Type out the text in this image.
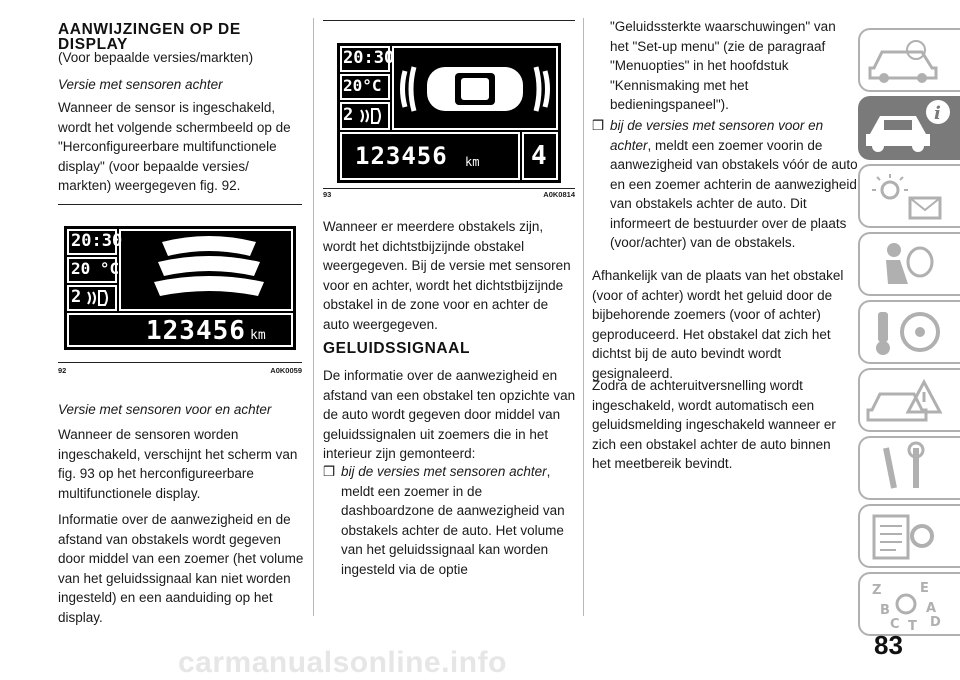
AANWIJZINGEN OP DE DISPLAY

(Voor bepaalde versies/markten)

Versie met sensoren achter

Wanneer de sensor is ingeschakeld, wordt het volgende schermbeeld op de "Herconfigureerbare multifunctionele display" (voor bepaalde versies/ markten) weergegeven fig. 92.

20:30
20 °C
2
123456 km
92	A0K0059

Versie met sensoren voor en achter

Wanneer de sensoren worden ingeschakeld, verschijnt het scherm van fig. 93 op het herconfigureerbare multifunctionele display.

Informatie over de aanwezigheid en de afstand van obstakels wordt gegeven door middel van een zoemer (het volume van het geluidssignaal kan niet worden ingesteld) en een aanduiding op het display.

20:30
20°C
2
123456 km 4
93	A0K0814

Wanneer er meerdere obstakels zijn, wordt het dichtstbijzijnde obstakel weergegeven. Bij de versie met sensoren voor en achter, wordt het dichtstbijzijnde obstakel in de zone voor en achter de auto weergegeven.

GELUIDSSIGNAAL

De informatie over de aanwezigheid en afstand van een obstakel ten opzichte van de auto wordt gegeven door middel van geluidssignalen uit zoemers die in het interieur zijn gemonteerd:

❒ bij de versies met sensoren achter, meldt een zoemer in de dashboardzone de aanwezigheid van obstakels achter de auto. Het volume van het geluidssignaal kan worden ingesteld via de optie

"Geluidssterkte waarschuwingen" van het "Set-up menu" (zie de paragraaf "Menuopties" in het hoofdstuk "Kennismaking met het bedieningspaneel").

❒ bij de versies met sensoren voor en achter, meldt een zoemer voorin de aanwezigheid van obstakels vóór de auto en een zoemer achterin de aanwezigheid van obstakels achter de auto. Dit informeert de bestuurder over de plaats (voor/achter) van de obstakels.

Afhankelijk van de plaats van het obstakel (voor of achter) wordt het geluid door de bijbehorende zoemers (voor of achter) geproduceerd. Het obstakel dat zich het dichtst bij de auto bevindt wordt gesignaleerd.

Zodra de achteruitversnelling wordt ingeschakeld, wordt automatisch een geluidsmelding ingeschakeld wanneer er zich een obstakel achter de auto binnen het meetbereik bevindt.

i
Z	E
B	A
C T D
83
carmanualsonline.info
